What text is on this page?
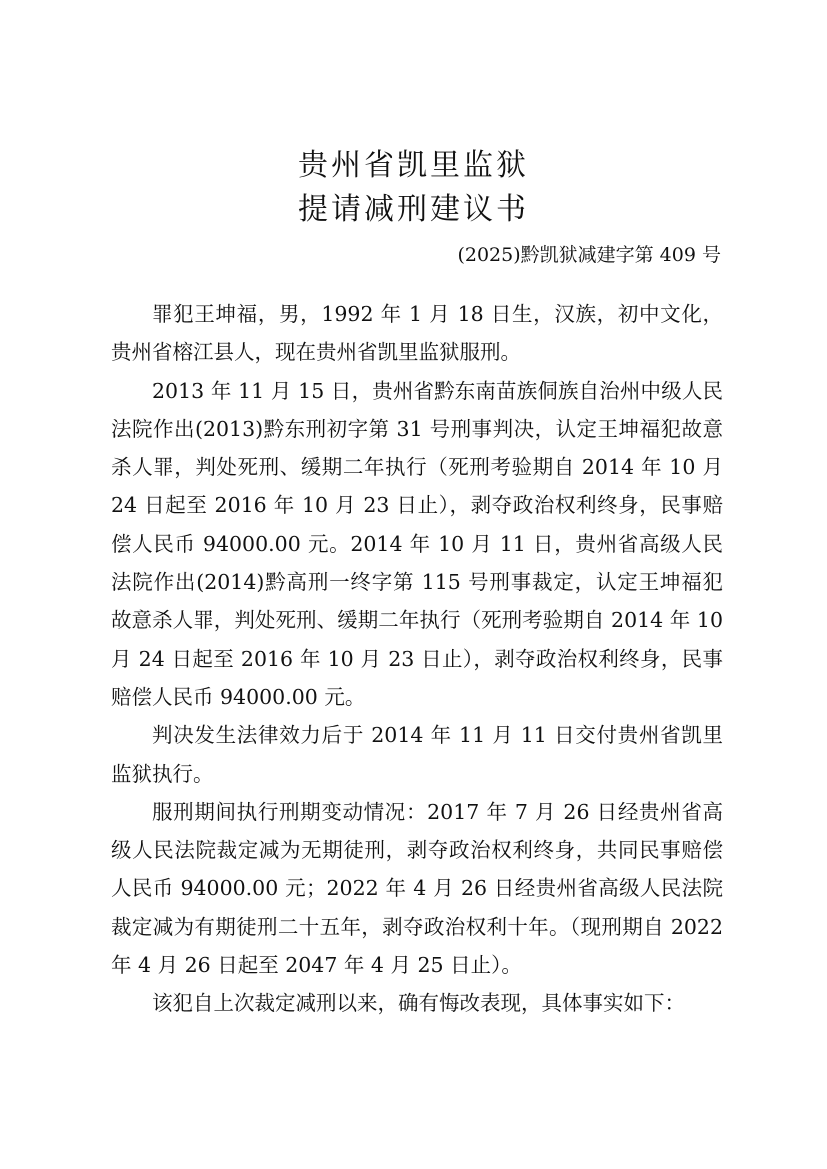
贵州省凯里监狱
提请减刑建议书
(2025)黔凯狱减建字第 409 号

罪犯王坤福，男，1992 年 1 月 18 日生，汉族，初中文化，贵州省榕江县人，现在贵州省凯里监狱服刑。

2013 年 11 月 15 日，贵州省黔东南苗族侗族自治州中级人民法院作出(2013)黔东刑初字第 31 号刑事判决，认定王坤福犯故意杀人罪，判处死刑、缓期二年执行（死刑考验期自 2014 年 10 月 24 日起至 2016 年 10 月 23 日止），剥夺政治权利终身，民事赔偿人民币 94000.00 元。2014 年 10 月 11 日，贵州省高级人民法院作出(2014)黔高刑一终字第 115 号刑事裁定，认定王坤福犯故意杀人罪，判处死刑、缓期二年执行（死刑考验期自 2014 年 10 月 24 日起至 2016 年 10 月 23 日止），剥夺政治权利终身，民事赔偿人民币 94000.00 元。

判决发生法律效力后于 2014 年 11 月 11 日交付贵州省凯里监狱执行。

服刑期间执行刑期变动情况：2017 年 7 月 26 日经贵州省高级人民法院裁定减为无期徒刑，剥夺政治权利终身，共同民事赔偿人民币 94000.00 元；2022 年 4 月 26 日经贵州省高级人民法院裁定减为有期徒刑二十五年，剥夺政治权利十年。（现刑期自 2022 年 4 月 26 日起至 2047 年 4 月 25 日止）。

该犯自上次裁定减刑以来，确有悔改表现，具体事实如下：
